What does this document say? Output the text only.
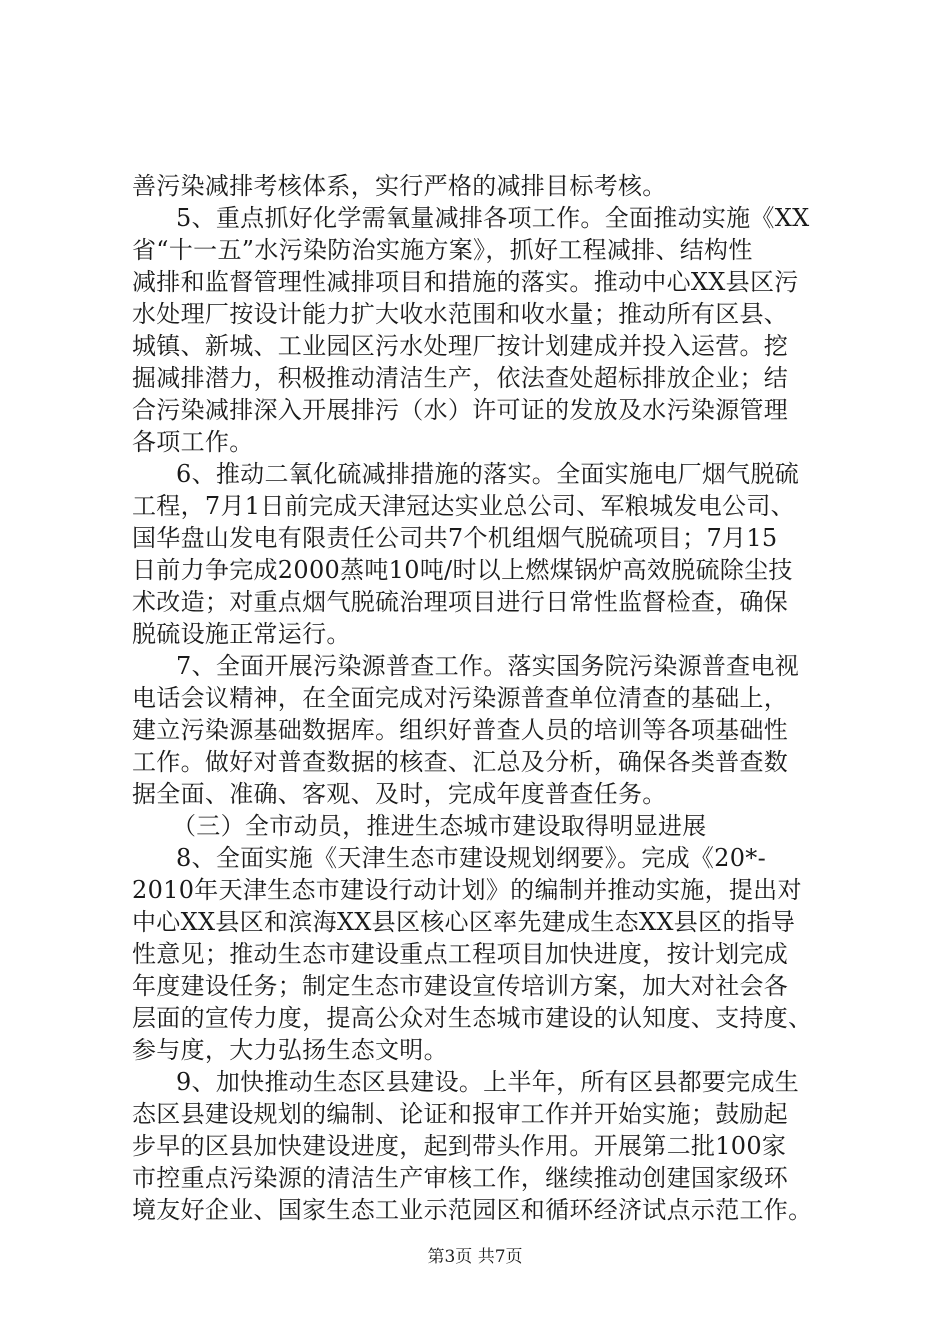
善污染减排考核体系，实行严格的减排目标考核。
5、重点抓好化学需氧量减排各项工作。全面推动实施《XX
省“十一五”水污染防治实施方案》，抓好工程减排、结构性
减排和监督管理性减排项目和措施的落实。推动中心XX县区污
水处理厂按设计能力扩大收水范围和收水量；推动所有区县、
城镇、新城、工业园区污水处理厂按计划建成并投入运营。挖
掘减排潜力，积极推动清洁生产，依法查处超标排放企业；结
合污染减排深入开展排污（水）许可证的发放及水污染源管理
各项工作。
6、推动二氧化硫减排措施的落实。全面实施电厂烟气脱硫
工程，7月1日前完成天津冠达实业总公司、军粮城发电公司、
国华盘山发电有限责任公司共7个机组烟气脱硫项目；7月15
日前力争完成2000蒸吨10吨/时以上燃煤锅炉高效脱硫除尘技
术改造；对重点烟气脱硫治理项目进行日常性监督检查，确保
脱硫设施正常运行。
7、全面开展污染源普查工作。落实国务院污染源普查电视
电话会议精神，在全面完成对污染源普查单位清查的基础上，
建立污染源基础数据库。组织好普查人员的培训等各项基础性
工作。做好对普查数据的核查、汇总及分析，确保各类普查数
据全面、准确、客观、及时，完成年度普查任务。
（三）全市动员，推进生态城市建设取得明显进展
8、全面实施《天津生态市建设规划纲要》。完成《20*-
2010年天津生态市建设行动计划》的编制并推动实施，提出对
中心XX县区和滨海XX县区核心区率先建成生态XX县区的指导
性意见；推动生态市建设重点工程项目加快进度，按计划完成
年度建设任务；制定生态市建设宣传培训方案，加大对社会各
层面的宣传力度，提高公众对生态城市建设的认知度、支持度、
参与度，大力弘扬生态文明。
9、加快推动生态区县建设。上半年，所有区县都要完成生
态区县建设规划的编制、论证和报审工作并开始实施；鼓励起
步早的区县加快建设进度，起到带头作用。开展第二批100家
市控重点污染源的清洁生产审核工作，继续推动创建国家级环
境友好企业、国家生态工业示范园区和循环经济试点示范工作。
第3页 共7页
